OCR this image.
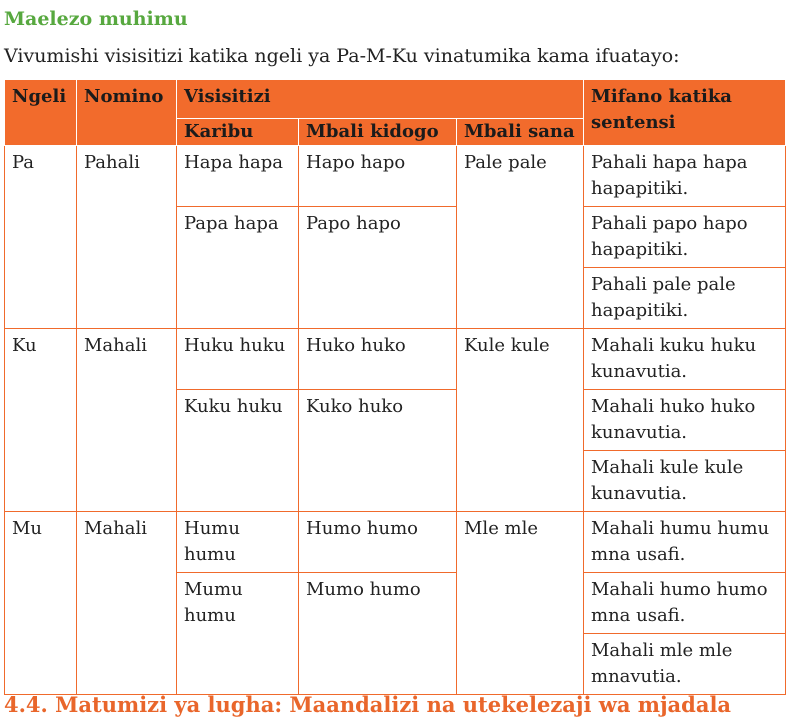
Maelezo muhimu

Vivumishi visisitizi katika ngeli ya Pa-M-Ku vinatumika kama ifuatayo:

Ngeli	Nomino	Visisitizi			Mifano katika sentensi
		Karibu	Mbali kidogo	Mbali sana	
Pa	Pahali	Hapa hapa	Hapo hapo	Pale pale	Pahali hapa hapa hapapitiki.
		Papa hapa	Papo hapo		Pahali papo hapo hapapitiki.
					Pahali pale pale hapapitiki.
Ku	Mahali	Huku huku	Huko huko	Kule kule	Mahali kuku huku kunavutia.
		Kuku huku	Kuko huko		Mahali huko huko kunavutia.
					Mahali kule kule kunavutia.
Mu	Mahali	Humu humu	Humo humo	Mle mle	Mahali humu humu mna usafi.
		Mumu humu	Mumo humo		Mahali humo humo mna usafi.
					Mahali mle mle mnavutia.
4.4. Matumizi ya lugha: Maandalizi na utekelezaji wa mjadala
